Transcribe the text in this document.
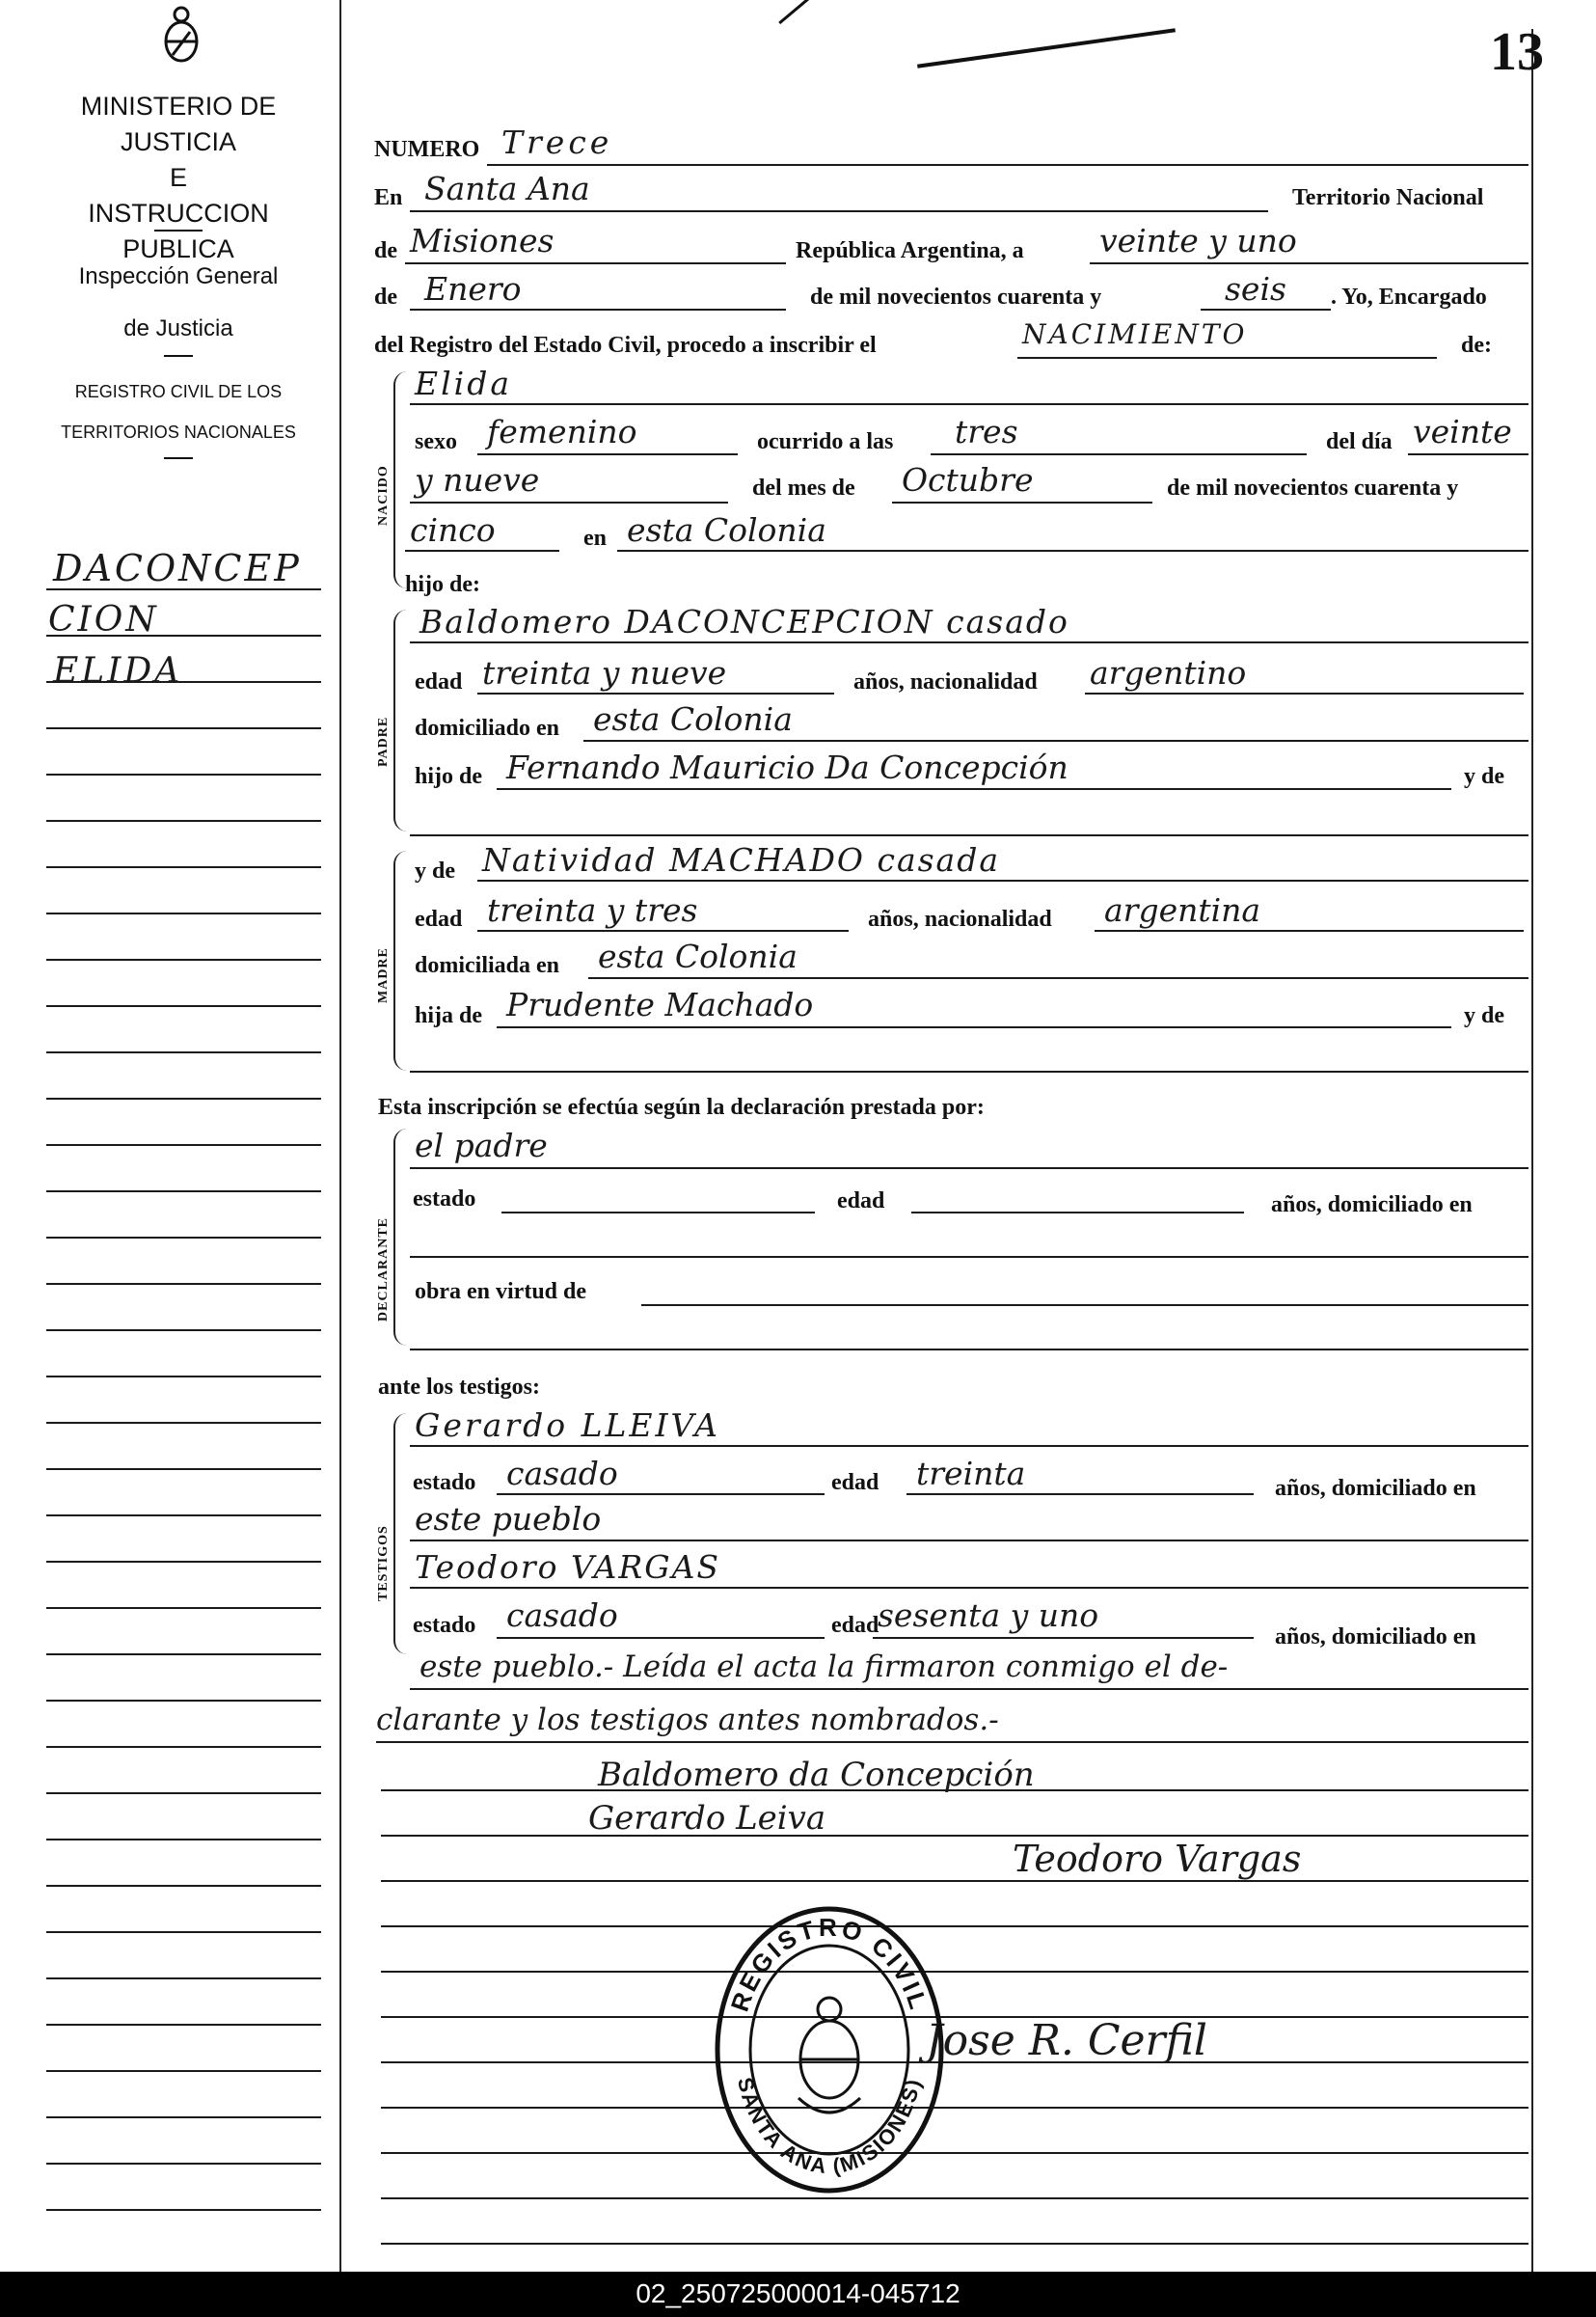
13
MINISTERIO DE JUSTICIA
E
INSTRUCCION PUBLICA
Inspección General
de Justicia
REGISTRO CIVIL DE LOS
TERRITORIOS NACIONALES
DACONCEP
CION
ELIDA
NUMERO Trece
En Santa Ana	Territorio Nacional
de Misiones	República Argentina, a veinte y uno
de Enero	de mil novecientos cuarenta y	seis . Yo, Encargado
del Registro del Estado Civil, procedo a inscribir el	NACIMIENTO	de:
NACIDO
Elida
sexo femenino	ocurrido a las tres	del día veinte
y nueve	del mes de Octubre	de mil novecientos cuarenta y
cinco	en esta Colonia
hijo de:
PADRE
Baldomero DACONCEPCION casado
edad treinta y nueve	años, nacionalidad argentino
domiciliado en esta Colonia
hijo de Fernando Mauricio Da Concepción	y de
MADRE
y de Natividad MACHADO casada
edad treinta y tres	años, nacionalidad argentina
domiciliada en esta Colonia
hija de Prudente Machado	y de
Esta inscripción se efectúa según la declaración prestada por:
DECLARANTE
el padre
estado	edad	años, domiciliado en
obra en virtud de
ante los testigos:
TESTIGOS
Gerardo LLEIVA
estado casado	edad treinta	años, domiciliado en
este pueblo
Teodoro VARGAS
estado casado	edad
sesenta y uno
años, domiciliado en
este pueblo.- Leída el acta la firmaron conmigo el de-
clarante y los testigos antes nombrados.-
Baldomero da Concepción
Gerardo Leiva
Teodoro Vargas
Jose R. Cerfil
REGISTRO CIVIL
SANTA ANA (MISIONES)
02_250725000014-045712
